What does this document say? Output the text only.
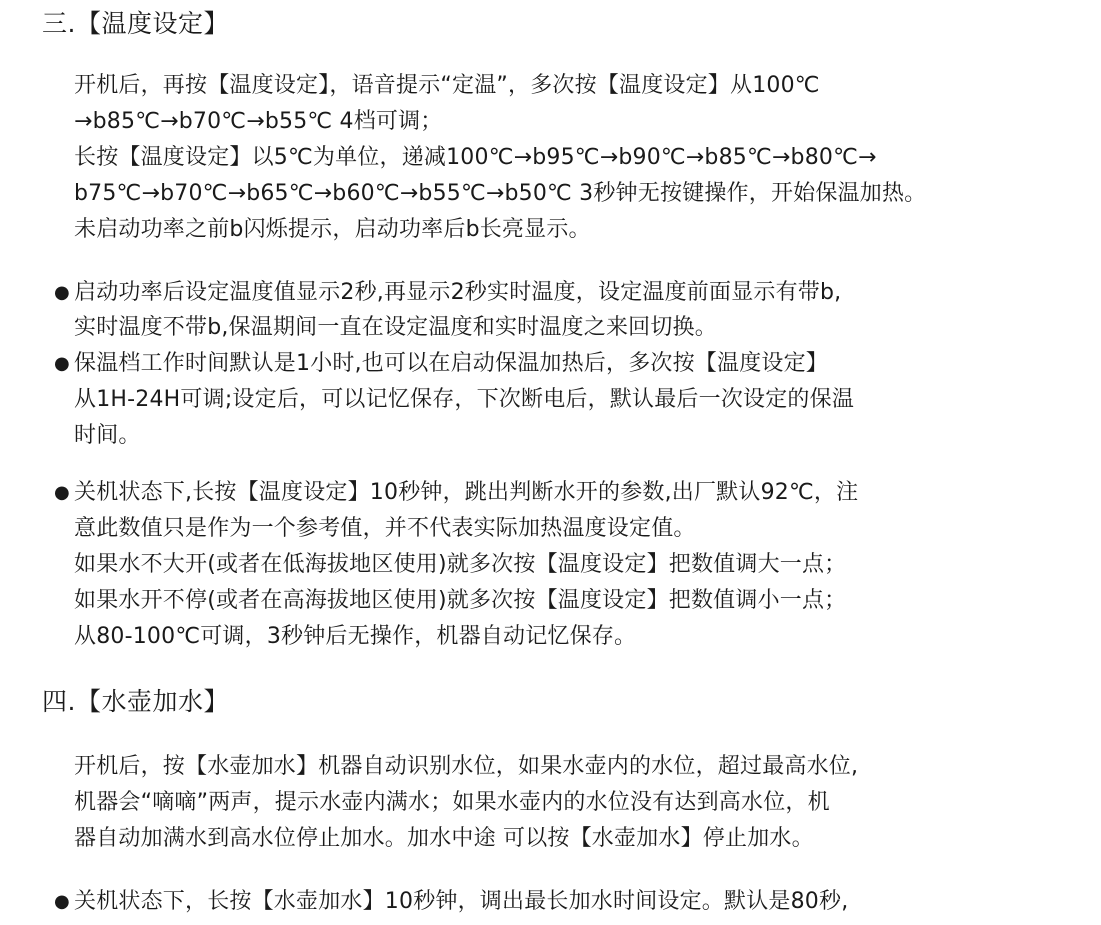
三.【温度设定】
开机后，再按【温度设定】，语音提示“定温”，多次按【温度设定】从100℃
→b85℃→b70℃→b55℃ 4档可调；
长按【温度设定】以5℃为单位，递减100℃→b95℃→b90℃→b85℃→b80℃→
b75℃→b70℃→b65℃→b60℃→b55℃→b50℃ 3秒钟无按键操作，开始保温加热。
未启动功率之前b闪烁提示，启动功率后b长亮显示。
● 启动功率后设定温度值显示2秒,再显示2秒实时温度，设定温度前面显示有带b,
实时温度不带b,保温期间一直在设定温度和实时温度之来回切换。
● 保温档工作时间默认是1小时,也可以在启动保温加热后，多次按【温度设定】
从1H-24H可调;设定后，可以记忆保存，下次断电后，默认最后一次设定的保温
时间。
● 关机状态下,长按【温度设定】10秒钟，跳出判断水开的参数,出厂默认92℃，注
意此数值只是作为一个参考值，并不代表实际加热温度设定值。
如果水不大开(或者在低海拔地区使用)就多次按【温度设定】把数值调大一点；
如果水开不停(或者在高海拔地区使用)就多次按【温度设定】把数值调小一点；
从80-100℃可调，3秒钟后无操作，机器自动记忆保存。
四.【水壶加水】
开机后，按【水壶加水】机器自动识别水位，如果水壶内的水位，超过最高水位,
机器会“嘀嘀”两声，提示水壶内满水；如果水壶内的水位没有达到高水位，机
器自动加满水到高水位停止加水。加水中途 可以按【水壶加水】停止加水。
● 关机状态下，长按【水壶加水】10秒钟，调出最长加水时间设定。默认是80秒,
